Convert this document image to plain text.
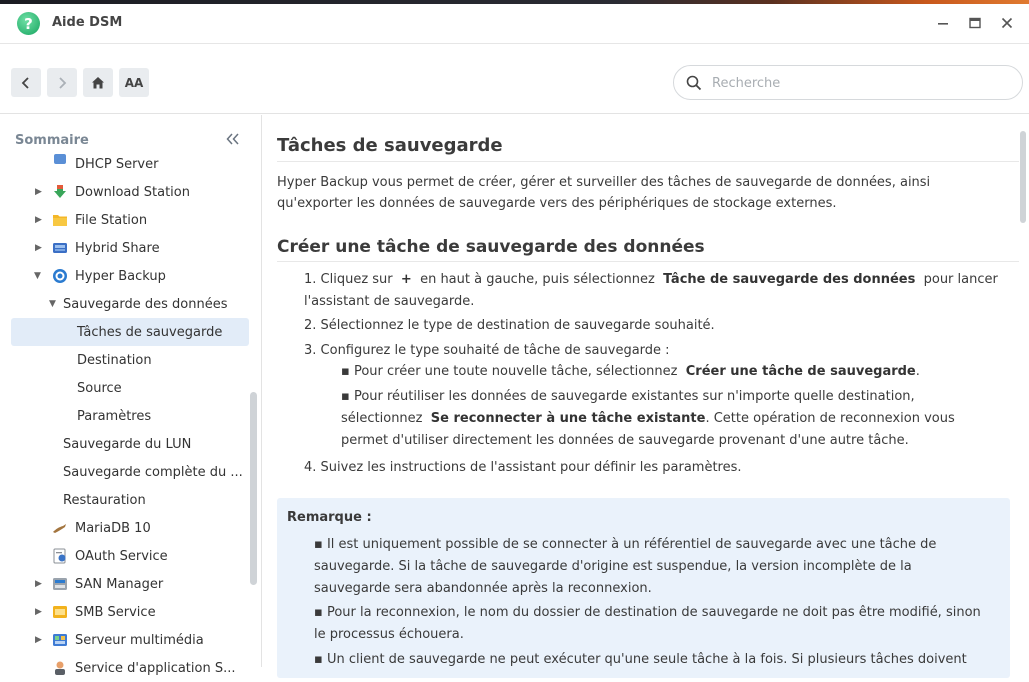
?	Aide DSM
AA
Recherche
Sommaire
DHCP Server
▶	Download Station
▶	File Station
▶	Hybrid Share
▼	Hyper Backup
▼ Sauvegarde des données
Tâches de sauvegarde
Destination
Source
Paramètres
Sauvegarde du LUN
Sauvegarde complète du ...
Restauration
MariaDB 10
OAuth Service
▶	SAN Manager
▶	SMB Service
▶	Serveur multimédia
Service d'application S...
Tâches de sauvegarde
Hyper Backup vous permet de créer, gérer et surveiller des tâches de sauvegarde de données, ainsi qu'exporter les données de sauvegarde vers des périphériques de stockage externes.
Créer une tâche de sauvegarde des données
1. Cliquez sur + en haut à gauche, puis sélectionnez Tâche de sauvegarde des données pour lancer
l'assistant de sauvegarde.
2. Sélectionnez le type de destination de sauvegarde souhaité.
3. Configurez le type souhaité de tâche de sauvegarde :
▪ Pour créer une toute nouvelle tâche, sélectionnez Créer une tâche de sauvegarde.
▪ Pour réutiliser les données de sauvegarde existantes sur n'importe quelle destination,
sélectionnez Se reconnecter à une tâche existante. Cette opération de reconnexion vous
permet d'utiliser directement les données de sauvegarde provenant d'une autre tâche.
4. Suivez les instructions de l'assistant pour définir les paramètres.
Remarque :
▪ Il est uniquement possible de se connecter à un référentiel de sauvegarde avec une tâche de
sauvegarde. Si la tâche de sauvegarde d'origine est suspendue, la version incomplète de la
sauvegarde sera abandonnée après la reconnexion.
▪ Pour la reconnexion, le nom du dossier de destination de sauvegarde ne doit pas être modifié, sinon
le processus échouera.
▪ Un client de sauvegarde ne peut exécuter qu'une seule tâche à la fois. Si plusieurs tâches doivent
